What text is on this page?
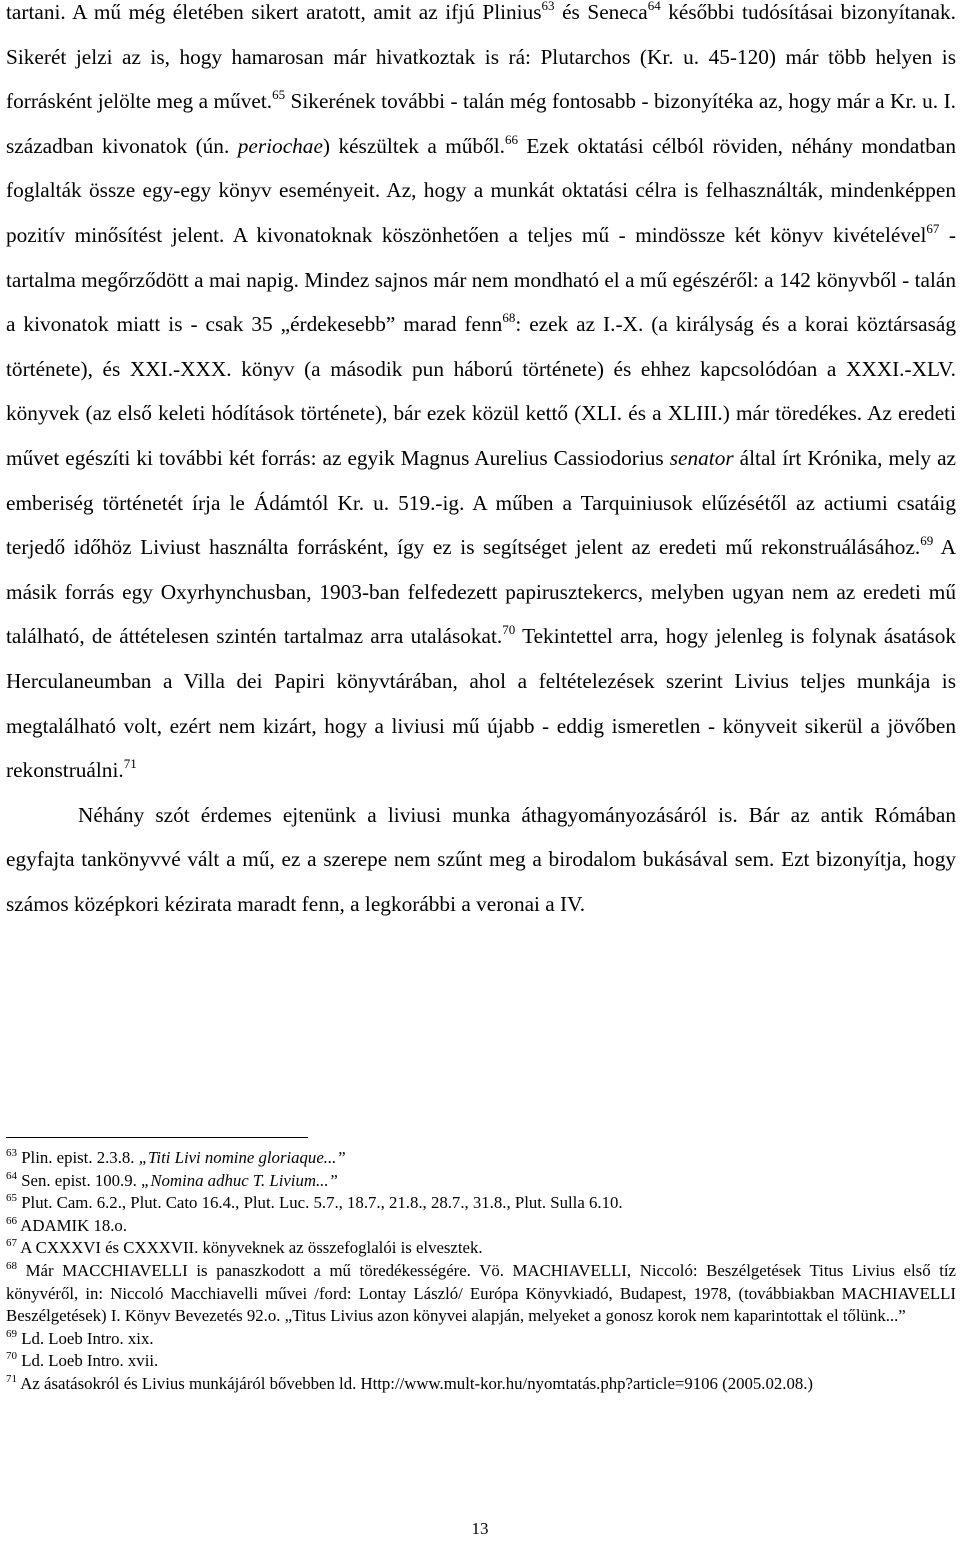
tartani. A mű még életében sikert aratott, amit az ifjú Plinius$^{63}$ és Seneca$^{64}$ későbbi tudósításai bizonyítanak. Sikerét jelzi az is, hogy hamarosan már hivatkoztak is rá: Plutarchos (Kr. u. 45-120) már több helyen is forrásként jelölte meg a művet.$^{65}$ Sikerének további - talán még fontosabb - bizonyítéka az, hogy már a Kr. u. I. században kivonatok (ún. periochae) készültek a műből.$^{66}$ Ezek oktatási célból röviden, néhány mondatban foglalták össze egy-egy könyv eseményeit. Az, hogy a munkát oktatási célra is felhasználták, mindenképpen pozitív minősítést jelent. A kivonatoknak köszönhetően a teljes mű - mindössze két könyv kivételével$^{67}$ - tartalma megőrződött a mai napig. Mindez sajnos már nem mondható el a mű egészéről: a 142 könyvből - talán a kivonatok miatt is - csak 35 „érdekesebb” marad fenn$^{68}$: ezek az I.-X. (a királyság és a korai köztársaság története), és XXI.-XXX. könyv (a második pun háború története) és ehhez kapcsolódóan a XXXI.-XLV. könyvek (az első keleti hódítások története), bár ezek közül kettő (XLI. és a XLIII.) már töredékes. Az eredeti művet egészíti ki további két forrás: az egyik Magnus Aurelius Cassiodorius senator által írt Krónika, mely az emberiség történetét írja le Ádámtól Kr. u. 519.-ig. A műben a Tarquiniusok elűzésétől az actiumi csatáig terjedő időhöz Liviust használta forrásként, így ez is segítséget jelent az eredeti mű rekonstruálásához.$^{69}$ A másik forrás egy Oxyrhynchusban, 1903-ban felfedezett papirusztekercs, melyben ugyan nem az eredeti mű található, de áttételesen szintén tartalmaz arra utalásokat.$^{70}$ Tekintettel arra, hogy jelenleg is folynak ásatások Herculaneumban a Villa dei Papiri könyvtárában, ahol a feltételezések szerint Livius teljes munkája is megtalálható volt, ezért nem kizárt, hogy a liviusi mű újabb - eddig ismeretlen - könyveit sikerül a jövőben rekonstruálni.$^{71}$

Néhány szót érdemes ejtenünk a liviusi munka áthagyományozásáról is. Bár az antik Rómában egyfajta tankönyvvé vált a mű, ez a szerepe nem szűnt meg a birodalom bukásával sem. Ezt bizonyítja, hogy számos középkori kézirata maradt fenn, a legkorábbi a veronai a IV.

$^{63}$ Plin. epist. 2.3.8. „Titi Livi nomine gloriaque...”

$^{64}$ Sen. epist. 100.9. „Nomina adhuc T. Livium...”

$^{65}$ Plut. Cam. 6.2., Plut. Cato 16.4., Plut. Luc. 5.7., 18.7., 21.8., 28.7., 31.8., Plut. Sulla 6.10.

$^{66}$ ADAMIK 18.o.

$^{67}$ A CXXXVI és CXXXVII. könyveknek az összefoglalói is elvesztek.

$^{68}$ Már MACCHIAVELLI is panaszkodott a mű töredékességére. Vö. MACHIAVELLI, Niccoló: Beszélgetések Titus Livius első tíz könyvéről, in: Niccoló Macchiavelli művei /ford: Lontay László/ Európa Könyvkiadó, Budapest, 1978, (továbbiakban MACHIAVELLI Beszélgetések) I. Könyv Bevezetés 92.o. „Titus Livius azon könyvei alapján, melyeket a gonosz korok nem kaparintottak el tőlünk...”

$^{69}$ Ld. Loeb Intro. xix.

$^{70}$ Ld. Loeb Intro. xvii.

$^{71}$ Az ásatásokról és Livius munkájáról bővebben ld. Http://www.mult-kor.hu/nyomtatás.php?article=9106 (2005.02.08.)

13
